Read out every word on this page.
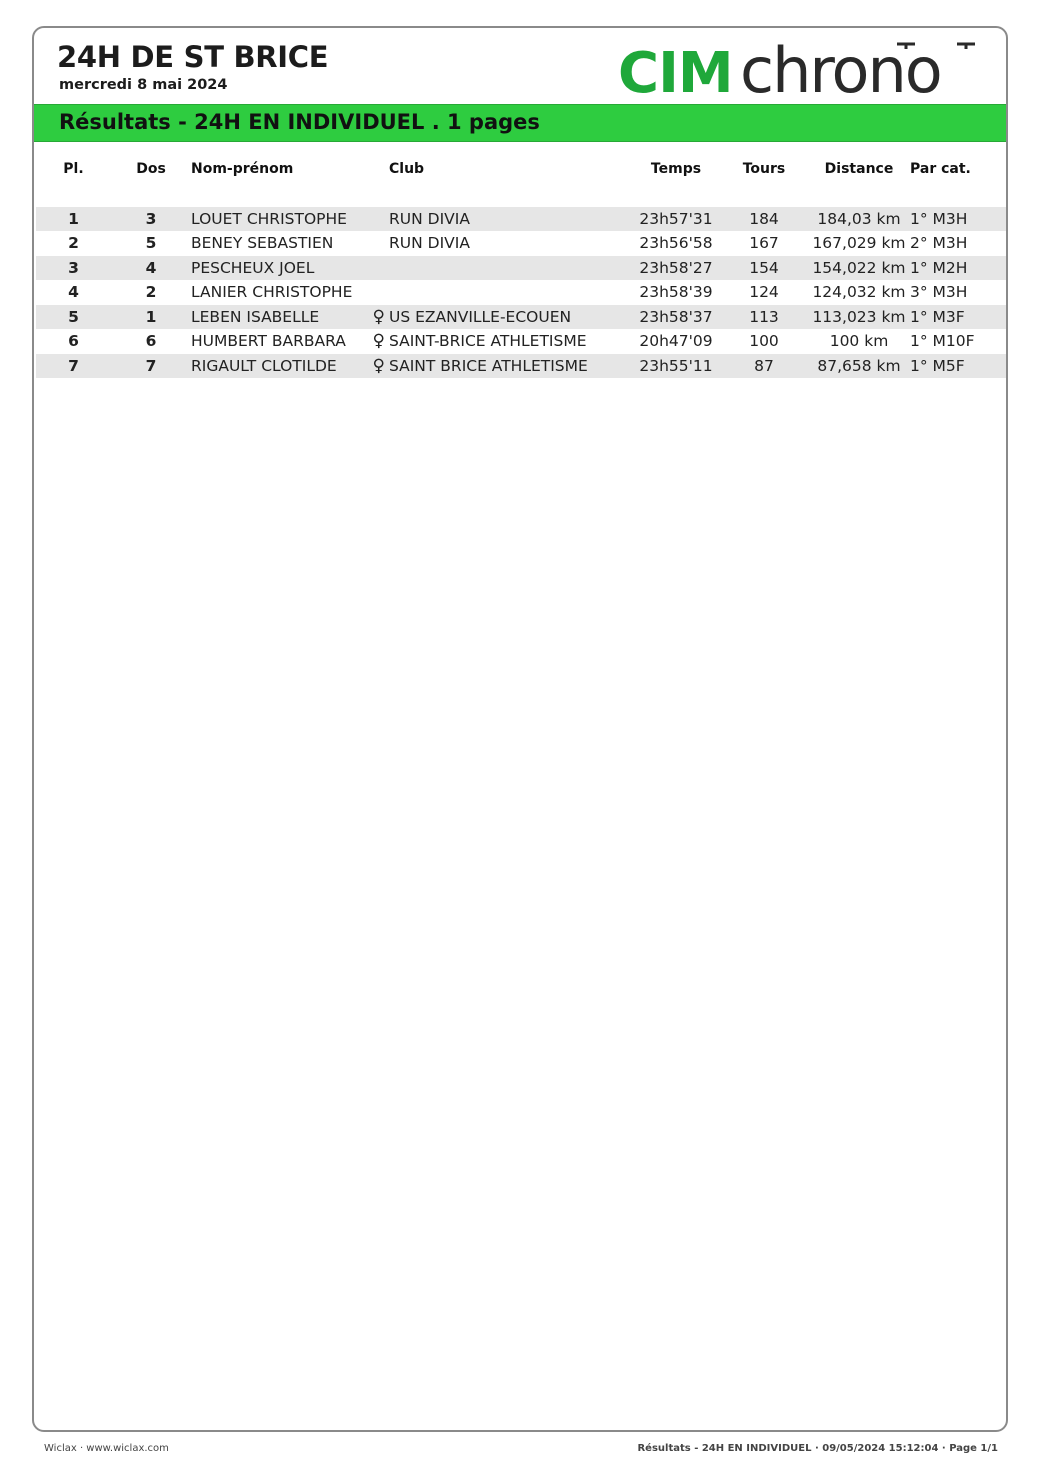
24H DE ST BRICE
mercredi 8 mai 2024	CIM chrono
Résultats - 24H EN INDIVIDUEL . 1 pages
Pl.	Dos	Nom-prénom		Club	Temps	Tours	Distance	Par cat.

1	3	LOUET CHRISTOPHE		RUN DIVIA	23h57'31	184	184,03 km	1° M3H
2	5	BENEY SEBASTIEN		RUN DIVIA	23h56'58	167	167,029 km	2° M3H
3	4	PESCHEUX JOEL			23h58'27	154	154,022 km	1° M2H
4	2	LANIER CHRISTOPHE			23h58'39	124	124,032 km	3° M3H
5	1	LEBEN ISABELLE	♀	US EZANVILLE-ECOUEN	23h58'37	113	113,023 km	1° M3F
6	6	HUMBERT BARBARA	♀	SAINT-BRICE ATHLETISME	20h47'09	100	100 km	1° M10F
7	7	RIGAULT CLOTILDE	♀	SAINT BRICE ATHLETISME	23h55'11	87	87,658 km	1° M5F
Wiclax · www.wiclax.com	Résultats - 24H EN INDIVIDUEL · 09/05/2024 15:12:04 · Page 1/1
